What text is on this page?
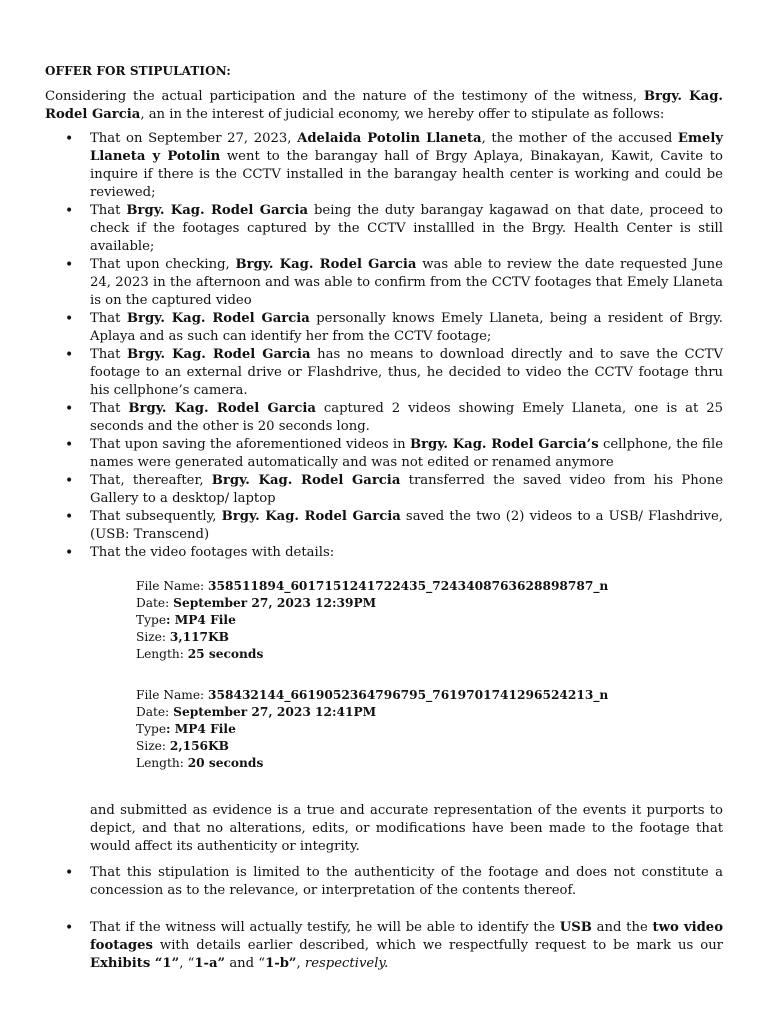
OFFER FOR STIPULATION:

Considering the actual participation and the nature of the testimony of the witness, Brgy. Kag. Rodel Garcia, an in the interest of judicial economy, we hereby offer to stipulate as follows:

• That on September 27, 2023, Adelaida Potolin Llaneta, the mother of the accused Emely Llaneta y Potolin went to the barangay hall of Brgy Aplaya, Binakayan, Kawit, Cavite to inquire if there is the CCTV installed in the barangay health center is working and could be reviewed;
• That Brgy. Kag. Rodel Garcia being the duty barangay kagawad on that date, proceed to check if the footages captured by the CCTV installled in the Brgy. Health Center is still available;
• That upon checking, Brgy. Kag. Rodel Garcia was able to review the date requested June 24, 2023 in the afternoon and was able to confirm from the CCTV footages that Emely Llaneta is on the captured video
• That Brgy. Kag. Rodel Garcia personally knows Emely Llaneta, being a resident of Brgy. Aplaya and as such can identify her from the CCTV footage;
• That Brgy. Kag. Rodel Garcia has no means to download directly and to save the CCTV footage to an external drive or Flashdrive, thus, he decided to video the CCTV footage thru his cellphone’s camera.
• That Brgy. Kag. Rodel Garcia captured 2 videos showing Emely Llaneta, one is at 25 seconds and the other is 20 seconds long.
• That upon saving the aforementioned videos in Brgy. Kag. Rodel Garcia’s cellphone, the file names were generated automatically and was not edited or renamed anymore
• That, thereafter, Brgy. Kag. Rodel Garcia transferred the saved video from his Phone Gallery to a desktop/ laptop
• That subsequently, Brgy. Kag. Rodel Garcia saved the two (2) videos to a USB/ Flashdrive, (USB: Transcend)
• That the video footages with details:
File Name: 358511894_6017151241722435_7243408763628898787_n
Date: September 27, 2023 12:39PM
Type: MP4 File
Size: 3,117KB
Length: 25 seconds
File Name: 358432144_6619052364796795_7619701741296524213_n
Date: September 27, 2023 12:41PM
Type: MP4 File
Size: 2,156KB
Length: 20 seconds

and submitted as evidence is a true and accurate representation of the events it purports to depict, and that no alterations, edits, or modifications have been made to the footage that would affect its authenticity or integrity.

• That this stipulation is limited to the authenticity of the footage and does not constitute a concession as to the relevance, or interpretation of the contents thereof.
• That if the witness will actually testify, he will be able to identify the USB and the two video footages with details earlier described, which we respectfully request to be mark us our Exhibits “1”, “1-a” and “1-b”, respectively.
